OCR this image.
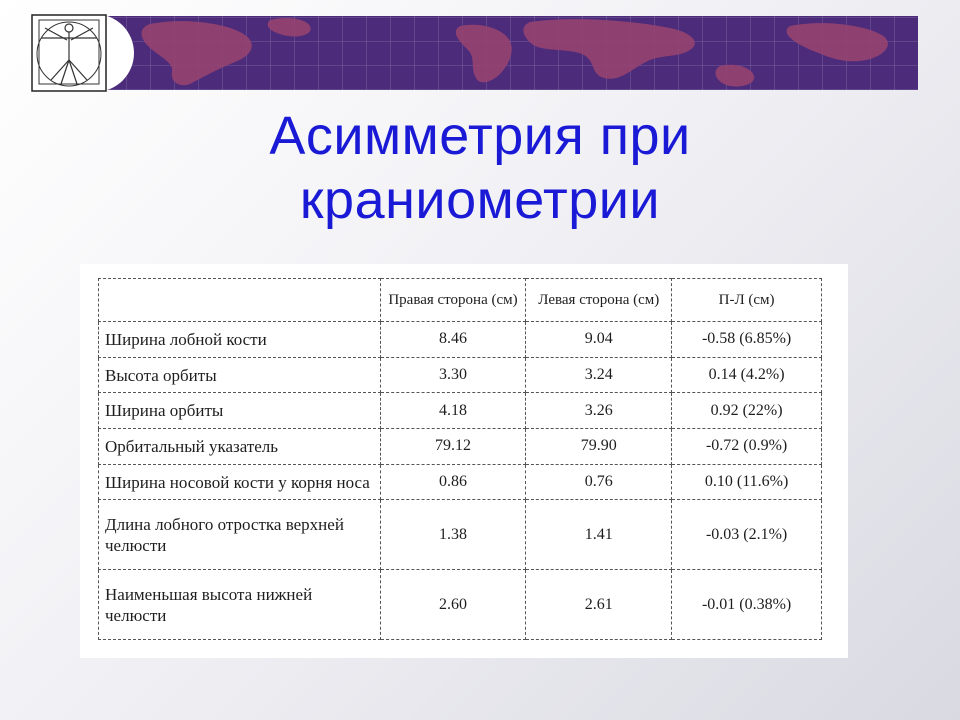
Асимметрия при
краниометрии
	Правая сторона (см)	Левая сторона (см)	П-Л (см)
Ширина лобной кости	8.46	9.04	-0.58 (6.85%)
Высота орбиты	3.30	3.24	0.14 (4.2%)
Ширина орбиты	4.18	3.26	0.92 (22%)
Орбитальный указатель	79.12	79.90	-0.72 (0.9%)
Ширина носовой кости у корня носа	0.86	0.76	0.10 (11.6%)
Длина лобного отростка верхней челюсти	1.38	1.41	-0.03 (2.1%)
Наименьшая высота нижней челюсти	2.60	2.61	-0.01 (0.38%)
